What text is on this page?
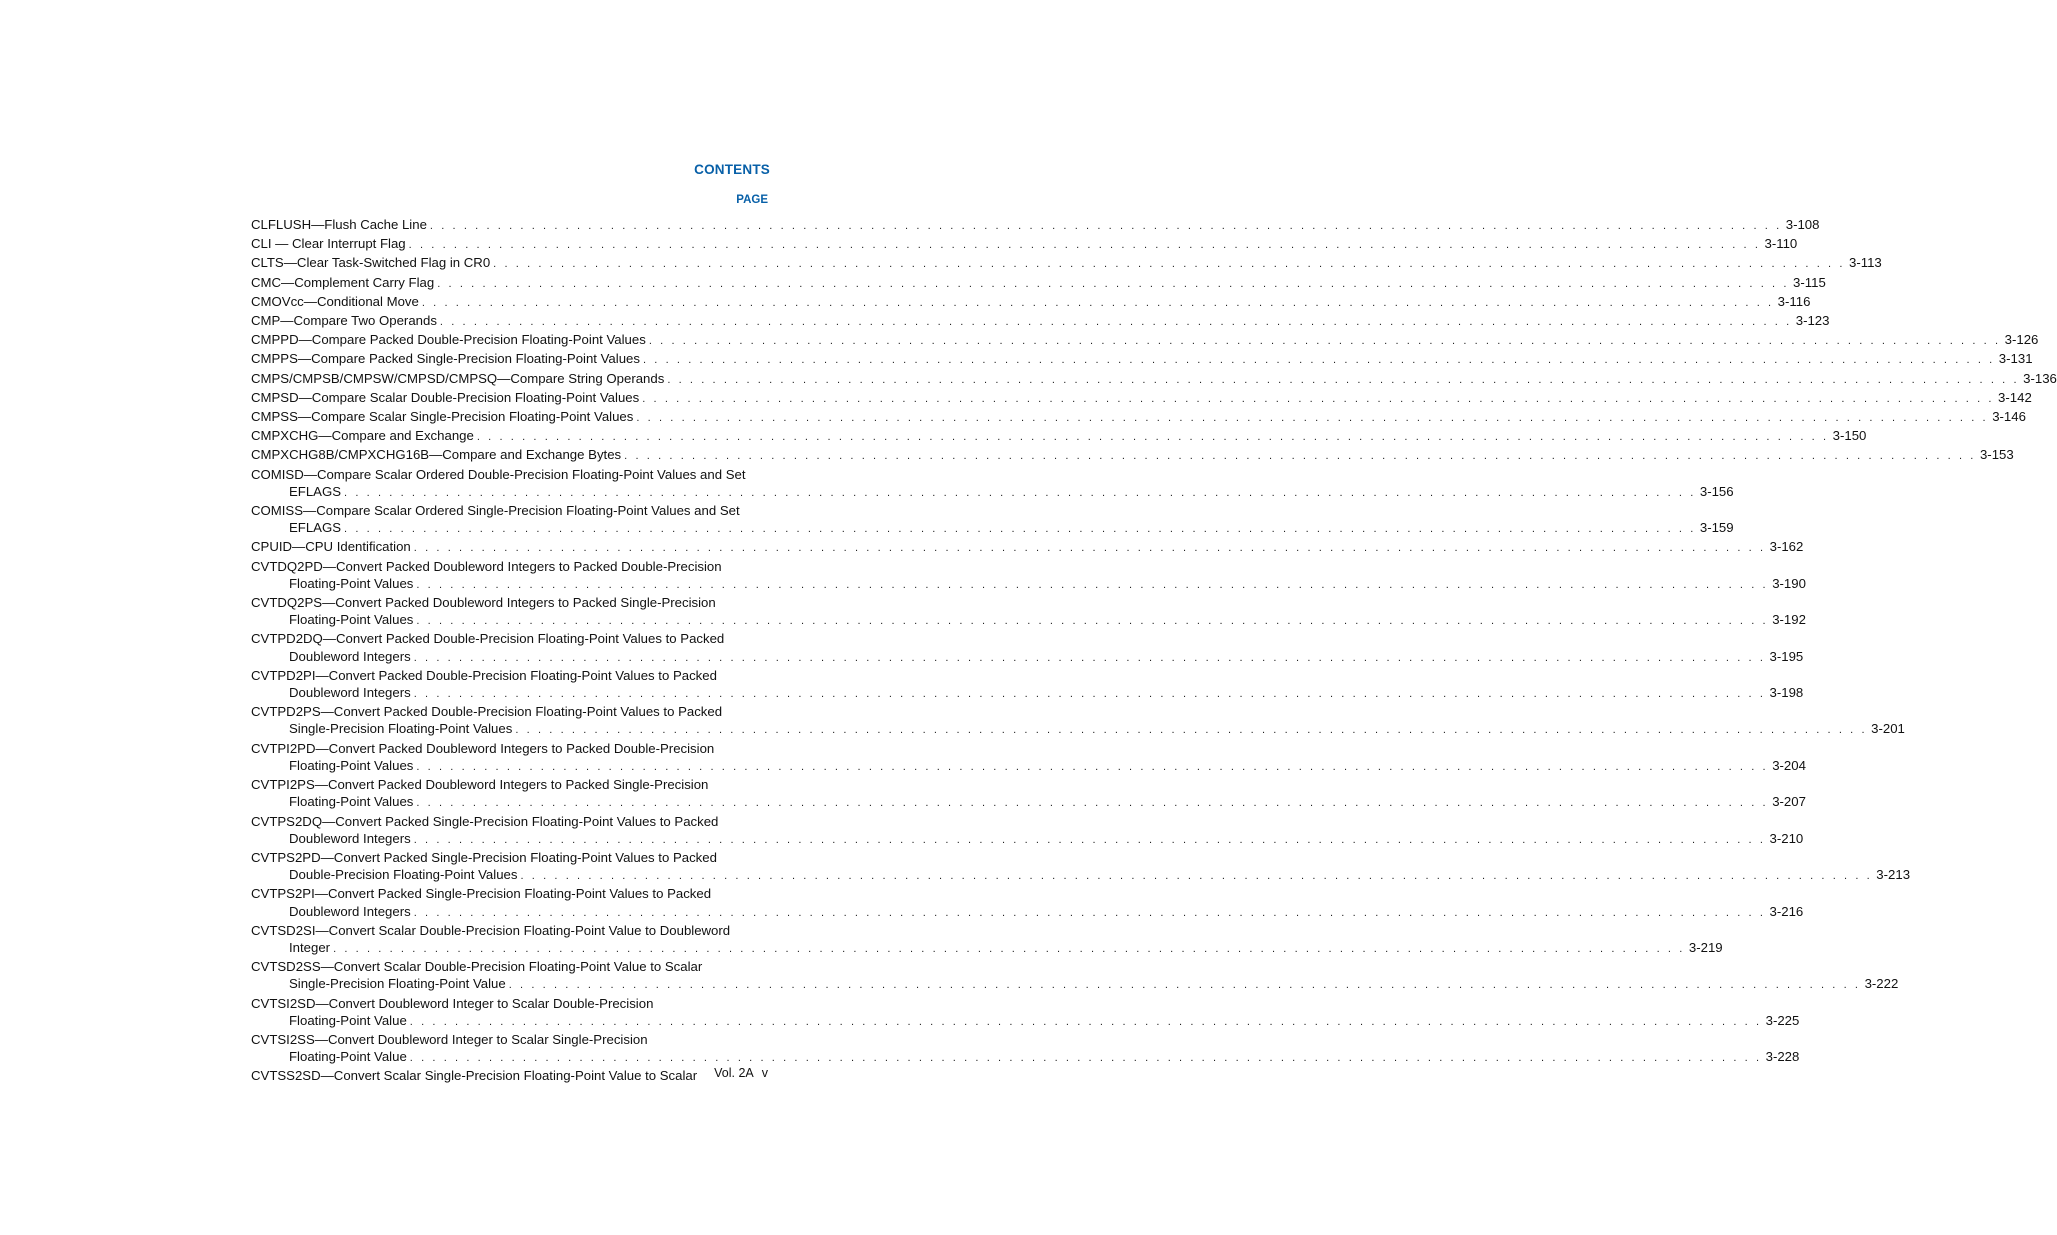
CONTENTS
PAGE
CLFLUSH—Flush Cache Line . . . . . . . . . . . . . . . . . . . . . . . . . . . . . . . . . . . . . . . . . . . . . . . . . . . . . . . . . . . . . . . . . . . . . . . . . . . . . . . . . . . . . . . . . . . . . . . . . . . . . . . . . . . . . . . . . . . . . . . . 3-108
CLI — Clear Interrupt Flag . . . . . . . . . . . . . . . . . . . . . . . . . . . . . . . . . . . . . . . . . . . . . . . . . . . . . . . . . . . . . . . . . . . . . . . . . . . . . . . . . . . . . . . . . . . . . . . . . . . . . . . . . . . . . . . . . . . . . . . . 3-110
CLTS—Clear Task-Switched Flag in CR0 . . . . . . . . . . . . . . . . . . . . . . . . . . . . . . . . . . . . . . . . . . . . . . . . . . . . . . . . . . . . . . . . . . . . . . . . . . . . . . . . . . . . . . . . . . . . . . . . . . . . . . . . . . . . . . . . . . . . . . . . 3-113
CMC—Complement Carry Flag . . . . . . . . . . . . . . . . . . . . . . . . . . . . . . . . . . . . . . . . . . . . . . . . . . . . . . . . . . . . . . . . . . . . . . . . . . . . . . . . . . . . . . . . . . . . . . . . . . . . . . . . . . . . . . . . . . . . . . . . 3-115
CMOVcc—Conditional Move . . . . . . . . . . . . . . . . . . . . . . . . . . . . . . . . . . . . . . . . . . . . . . . . . . . . . . . . . . . . . . . . . . . . . . . . . . . . . . . . . . . . . . . . . . . . . . . . . . . . . . . . . . . . . . . . . . . . . . . . 3-116
CMP—Compare Two Operands . . . . . . . . . . . . . . . . . . . . . . . . . . . . . . . . . . . . . . . . . . . . . . . . . . . . . . . . . . . . . . . . . . . . . . . . . . . . . . . . . . . . . . . . . . . . . . . . . . . . . . . . . . . . . . . . . . . . . . . . 3-123
CMPPD—Compare Packed Double-Precision Floating-Point Values . . . . . . . . . . . . . . . . . . . . . . . . . . . . . . . . . . . . . . . . . . . . . . . . . . . . . . . . . . . . . . . . . . . . . . . . . . . . . . . . . . . . . . . . . . . . . . . . . . . . . . . . . . . . . . . . . . . . . . . . 3-126
CMPPS—Compare Packed Single-Precision Floating-Point Values . . . . . . . . . . . . . . . . . . . . . . . . . . . . . . . . . . . . . . . . . . . . . . . . . . . . . . . . . . . . . . . . . . . . . . . . . . . . . . . . . . . . . . . . . . . . . . . . . . . . . . . . . . . . . . . . . . . . . . . . 3-131
CMPS/CMPSB/CMPSW/CMPSD/CMPSQ—Compare String Operands . . . . . . . . . . . . . . . . . . . . . . . . . . . . . . . . . . . . . . . . . . . . . . . . . . . . . . . . . . . . . . . . . . . . . . . . . . . . . . . . . . . . . . . . . . . . . . . . . . . . . . . . . . . . . . . . . . . . . . . . 3-136
CMPSD—Compare Scalar Double-Precision Floating-Point Values . . . . . . . . . . . . . . . . . . . . . . . . . . . . . . . . . . . . . . . . . . . . . . . . . . . . . . . . . . . . . . . . . . . . . . . . . . . . . . . . . . . . . . . . . . . . . . . . . . . . . . . . . . . . . . . . . . . . . . . . 3-142
CMPSS—Compare Scalar Single-Precision Floating-Point Values . . . . . . . . . . . . . . . . . . . . . . . . . . . . . . . . . . . . . . . . . . . . . . . . . . . . . . . . . . . . . . . . . . . . . . . . . . . . . . . . . . . . . . . . . . . . . . . . . . . . . . . . . . . . . . . . . . . . . . . . 3-146
CMPXCHG—Compare and Exchange . . . . . . . . . . . . . . . . . . . . . . . . . . . . . . . . . . . . . . . . . . . . . . . . . . . . . . . . . . . . . . . . . . . . . . . . . . . . . . . . . . . . . . . . . . . . . . . . . . . . . . . . . . . . . . . . . . . . . . . . 3-150
CMPXCHG8B/CMPXCHG16B—Compare and Exchange Bytes . . . . . . . . . . . . . . . . . . . . . . . . . . . . . . . . . . . . . . . . . . . . . . . . . . . . . . . . . . . . . . . . . . . . . . . . . . . . . . . . . . . . . . . . . . . . . . . . . . . . . . . . . . . . . . . . . . . . . . . . 3-153
COMISD—Compare Scalar Ordered Double-Precision Floating-Point Values and Set
EFLAGS . . . . . . . . . . . . . . . . . . . . . . . . . . . . . . . . . . . . . . . . . . . . . . . . . . . . . . . . . . . . . . . . . . . . . . . . . . . . . . . . . . . . . . . . . . . . . . . . . . . . . . . . . . . . . . . . . . . . . . . . 3-156
COMISS—Compare Scalar Ordered Single-Precision Floating-Point Values and Set
EFLAGS . . . . . . . . . . . . . . . . . . . . . . . . . . . . . . . . . . . . . . . . . . . . . . . . . . . . . . . . . . . . . . . . . . . . . . . . . . . . . . . . . . . . . . . . . . . . . . . . . . . . . . . . . . . . . . . . . . . . . . . . 3-159
CPUID—CPU Identification . . . . . . . . . . . . . . . . . . . . . . . . . . . . . . . . . . . . . . . . . . . . . . . . . . . . . . . . . . . . . . . . . . . . . . . . . . . . . . . . . . . . . . . . . . . . . . . . . . . . . . . . . . . . . . . . . . . . . . . . 3-162
CVTDQ2PD—Convert Packed Doubleword Integers to Packed Double-Precision
Floating-Point Values . . . . . . . . . . . . . . . . . . . . . . . . . . . . . . . . . . . . . . . . . . . . . . . . . . . . . . . . . . . . . . . . . . . . . . . . . . . . . . . . . . . . . . . . . . . . . . . . . . . . . . . . . . . . . . . . . . . . . . . . 3-190
CVTDQ2PS—Convert Packed Doubleword Integers to Packed Single-Precision
Floating-Point Values . . . . . . . . . . . . . . . . . . . . . . . . . . . . . . . . . . . . . . . . . . . . . . . . . . . . . . . . . . . . . . . . . . . . . . . . . . . . . . . . . . . . . . . . . . . . . . . . . . . . . . . . . . . . . . . . . . . . . . . . 3-192
CVTPD2DQ—Convert Packed Double-Precision Floating-Point Values to Packed
Doubleword Integers . . . . . . . . . . . . . . . . . . . . . . . . . . . . . . . . . . . . . . . . . . . . . . . . . . . . . . . . . . . . . . . . . . . . . . . . . . . . . . . . . . . . . . . . . . . . . . . . . . . . . . . . . . . . . . . . . . . . . . . . 3-195
CVTPD2PI—Convert Packed Double-Precision Floating-Point Values to Packed
Doubleword Integers . . . . . . . . . . . . . . . . . . . . . . . . . . . . . . . . . . . . . . . . . . . . . . . . . . . . . . . . . . . . . . . . . . . . . . . . . . . . . . . . . . . . . . . . . . . . . . . . . . . . . . . . . . . . . . . . . . . . . . . . 3-198
CVTPD2PS—Convert Packed Double-Precision Floating-Point Values to Packed
Single-Precision Floating-Point Values . . . . . . . . . . . . . . . . . . . . . . . . . . . . . . . . . . . . . . . . . . . . . . . . . . . . . . . . . . . . . . . . . . . . . . . . . . . . . . . . . . . . . . . . . . . . . . . . . . . . . . . . . . . . . . . . . . . . . . . . 3-201
CVTPI2PD—Convert Packed Doubleword Integers to Packed Double-Precision
Floating-Point Values . . . . . . . . . . . . . . . . . . . . . . . . . . . . . . . . . . . . . . . . . . . . . . . . . . . . . . . . . . . . . . . . . . . . . . . . . . . . . . . . . . . . . . . . . . . . . . . . . . . . . . . . . . . . . . . . . . . . . . . . 3-204
CVTPI2PS—Convert Packed Doubleword Integers to Packed Single-Precision
Floating-Point Values . . . . . . . . . . . . . . . . . . . . . . . . . . . . . . . . . . . . . . . . . . . . . . . . . . . . . . . . . . . . . . . . . . . . . . . . . . . . . . . . . . . . . . . . . . . . . . . . . . . . . . . . . . . . . . . . . . . . . . . . 3-207
CVTPS2DQ—Convert Packed Single-Precision Floating-Point Values to Packed
Doubleword Integers . . . . . . . . . . . . . . . . . . . . . . . . . . . . . . . . . . . . . . . . . . . . . . . . . . . . . . . . . . . . . . . . . . . . . . . . . . . . . . . . . . . . . . . . . . . . . . . . . . . . . . . . . . . . . . . . . . . . . . . . 3-210
CVTPS2PD—Convert Packed Single-Precision Floating-Point Values to Packed
Double-Precision Floating-Point Values . . . . . . . . . . . . . . . . . . . . . . . . . . . . . . . . . . . . . . . . . . . . . . . . . . . . . . . . . . . . . . . . . . . . . . . . . . . . . . . . . . . . . . . . . . . . . . . . . . . . . . . . . . . . . . . . . . . . . . . . 3-213
CVTPS2PI—Convert Packed Single-Precision Floating-Point Values to Packed
Doubleword Integers . . . . . . . . . . . . . . . . . . . . . . . . . . . . . . . . . . . . . . . . . . . . . . . . . . . . . . . . . . . . . . . . . . . . . . . . . . . . . . . . . . . . . . . . . . . . . . . . . . . . . . . . . . . . . . . . . . . . . . . . 3-216
CVTSD2SI—Convert Scalar Double-Precision Floating-Point Value to Doubleword
Integer . . . . . . . . . . . . . . . . . . . . . . . . . . . . . . . . . . . . . . . . . . . . . . . . . . . . . . . . . . . . . . . . . . . . . . . . . . . . . . . . . . . . . . . . . . . . . . . . . . . . . . . . . . . . . . . . . . . . . . . . 3-219
CVTSD2SS—Convert Scalar Double-Precision Floating-Point Value to Scalar
Single-Precision Floating-Point Value . . . . . . . . . . . . . . . . . . . . . . . . . . . . . . . . . . . . . . . . . . . . . . . . . . . . . . . . . . . . . . . . . . . . . . . . . . . . . . . . . . . . . . . . . . . . . . . . . . . . . . . . . . . . . . . . . . . . . . . . 3-222
CVTSI2SD—Convert Doubleword Integer to Scalar Double-Precision
Floating-Point Value . . . . . . . . . . . . . . . . . . . . . . . . . . . . . . . . . . . . . . . . . . . . . . . . . . . . . . . . . . . . . . . . . . . . . . . . . . . . . . . . . . . . . . . . . . . . . . . . . . . . . . . . . . . . . . . . . . . . . . . . 3-225
CVTSI2SS—Convert Doubleword Integer to Scalar Single-Precision
Floating-Point Value . . . . . . . . . . . . . . . . . . . . . . . . . . . . . . . . . . . . . . . . . . . . . . . . . . . . . . . . . . . . . . . . . . . . . . . . . . . . . . . . . . . . . . . . . . . . . . . . . . . . . . . . . . . . . . . . . . . . . . . . 3-228
CVTSS2SD—Convert Scalar Single-Precision Floating-Point Value to Scalar Vol. 2A v
